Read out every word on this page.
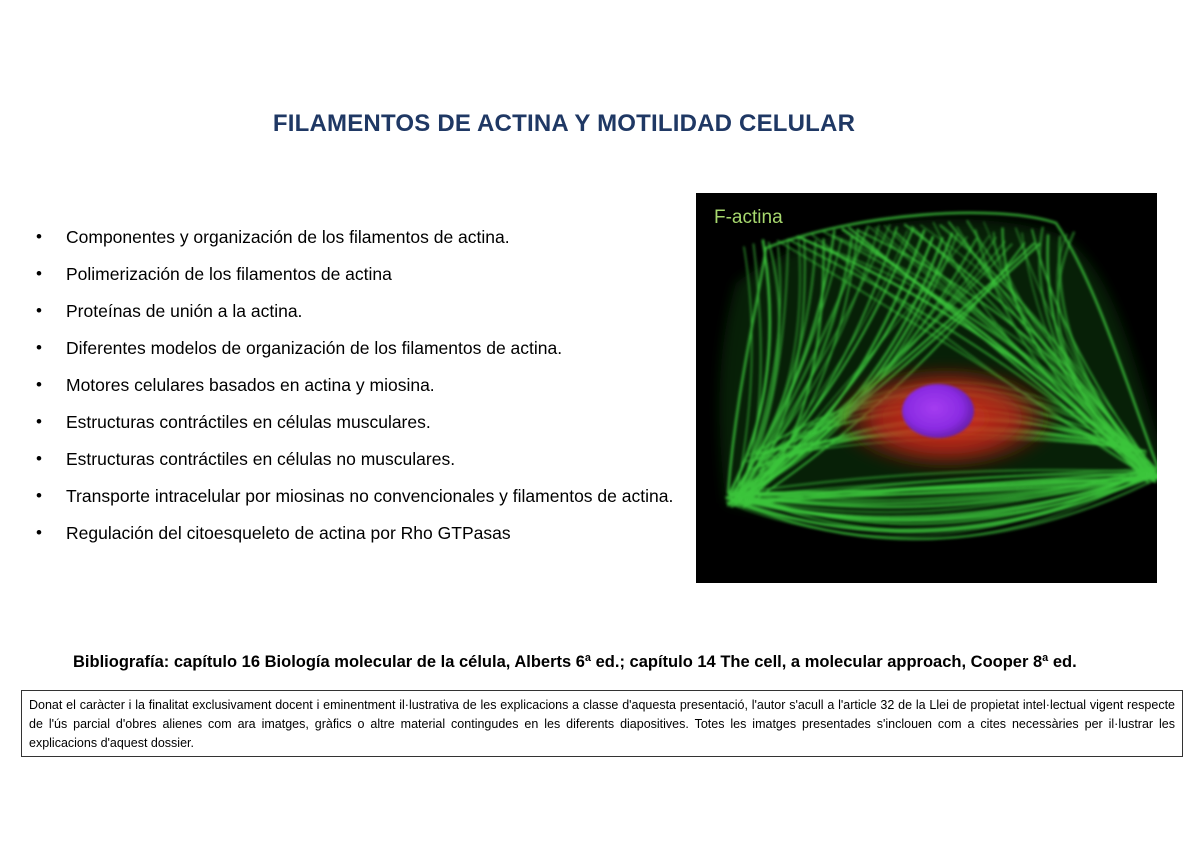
FILAMENTOS DE ACTINA Y MOTILIDAD CELULAR
• Componentes y organización de los filamentos de actina.
• Polimerización de los filamentos de actina
• Proteínas de unión a la actina.
• Diferentes modelos de organización de los filamentos de actina.
• Motores celulares basados en actina y miosina.
• Estructuras contráctiles en células musculares.
• Estructuras contráctiles en células no musculares.
• Transporte intracelular por miosinas no convencionales y filamentos de actina.
• Regulación del citoesqueleto de actina por Rho GTPasas
F-actina
Bibliografía: capítulo 16 Biología molecular de la célula, Alberts 6ª ed.; capítulo 14 The cell, a molecular approach, Cooper 8ª ed.
Donat el caràcter i la finalitat exclusivament docent i eminentment il·lustrativa de les explicacions a classe d'aquesta presentació, l'autor s'acull a l'article 32 de la Llei de propietat intel·lectual vigent respecte de l'ús parcial d'obres alienes com ara imatges, gràfics o altre material contingudes en les diferents diapositives. Totes les imatges presentades s'inclouen com a cites necessàries per il·lustrar les explicacions d'aquest dossier.
